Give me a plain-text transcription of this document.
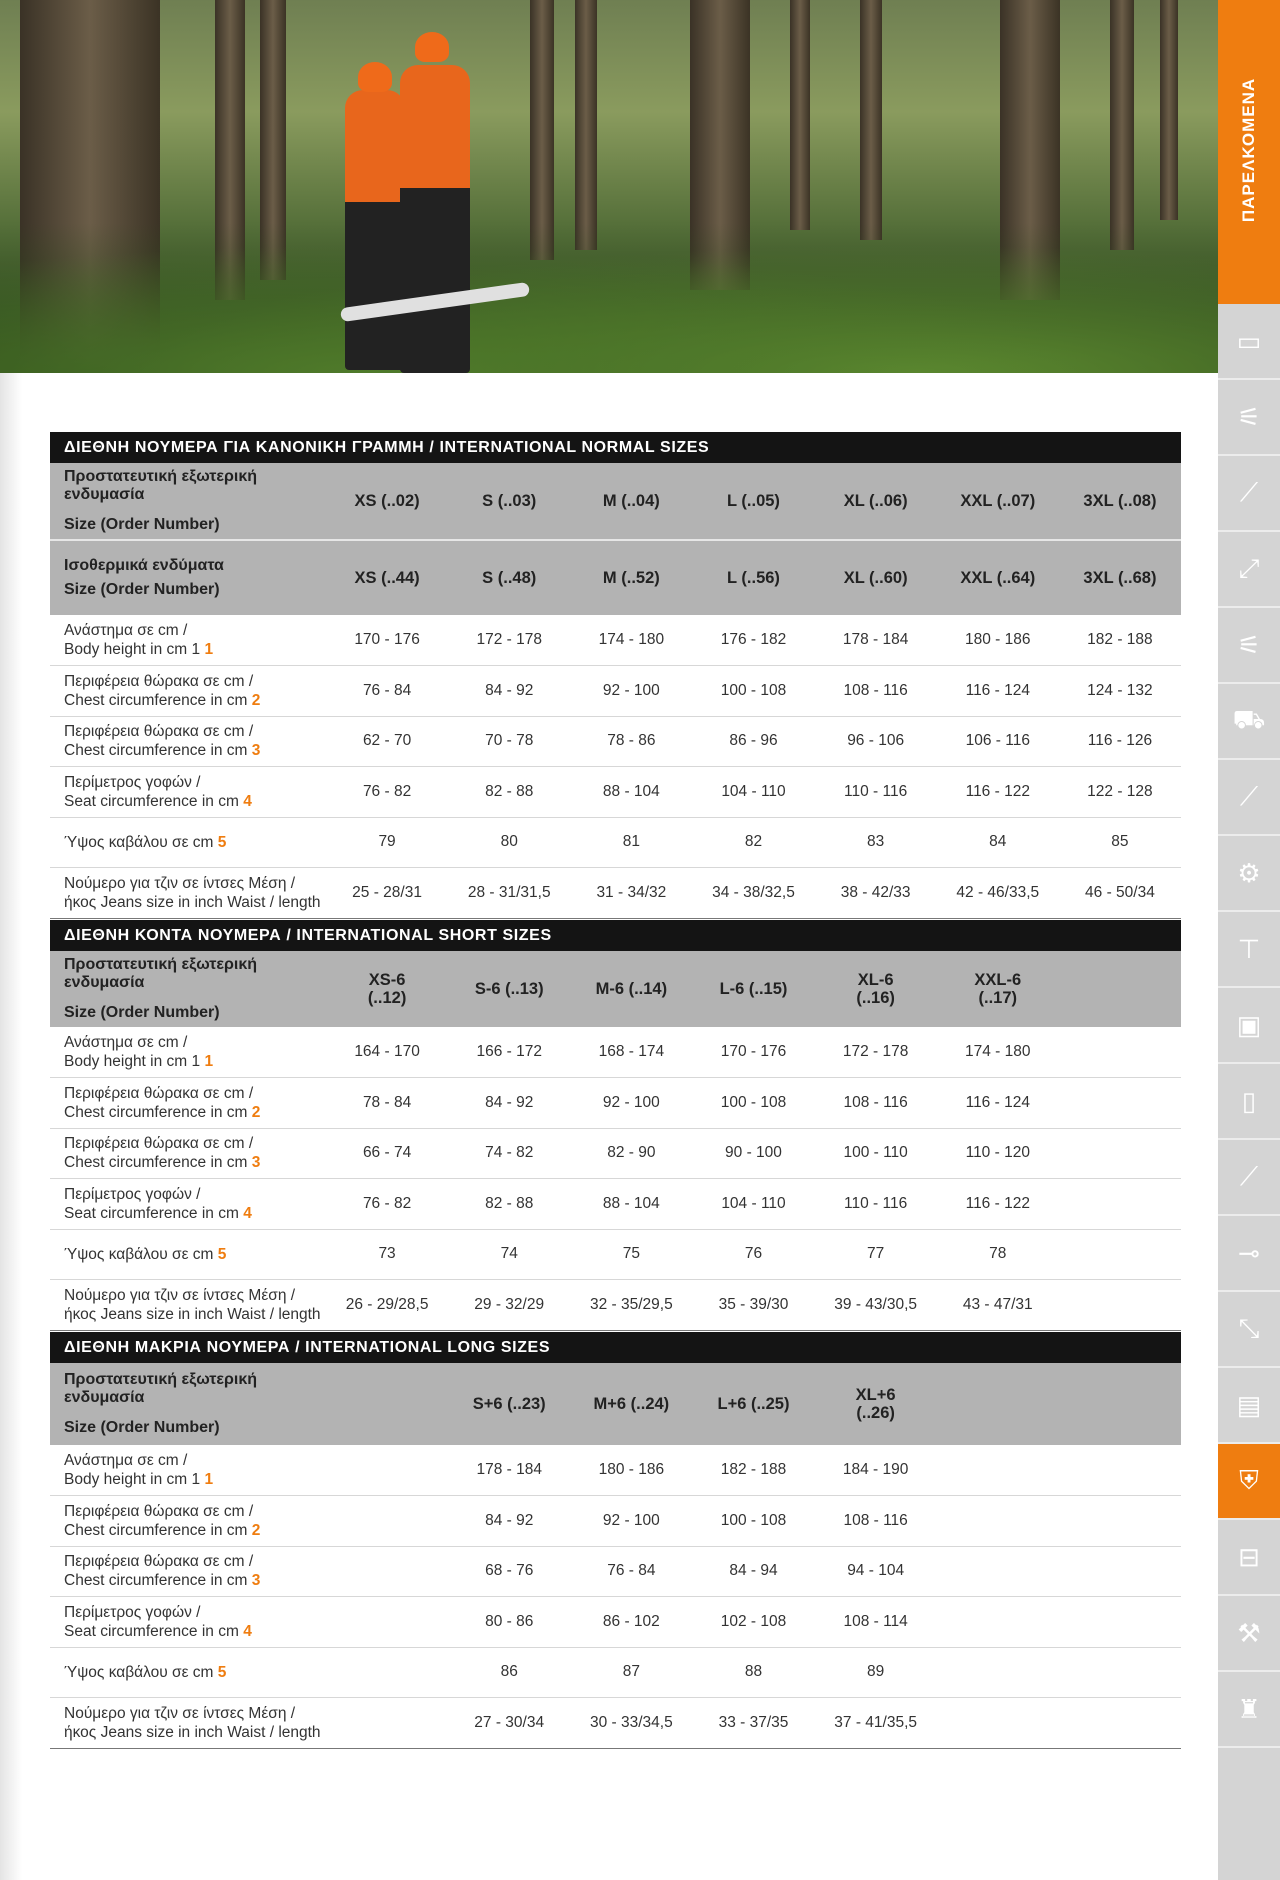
ΠΑΡΕΛΚΟΜΕΝΑ
▭
⚟
⟋
⤢
⚟
⛟
⟋
⚙
⊤
▣
▯
⟋
⊸
⤡
▤
⛨
⊟
⚒
♜
ΔΙΕΘΝΗ ΝΟΥΜΕΡΑ ΓΙΑ ΚΑΝΟΝΙΚΗ ΓΡΑΜΜΗ / INTERNATIONAL NORMAL SIZES
Προστατευτική εξωτερική ενδυμασία
Size (Order Number)	XS (..02)	S (..03)	M (..04)	L (..05)	XL (..06)	XXL (..07)	3XL (..08)

Ισοθερμικά ενδύματα
Size (Order Number)	XS (..44)	S (..48)	M (..52)	L (..56)	XL (..60)	XXL (..64)	3XL (..68)
Ανάστημα σε cm /
Body height in cm 1 1	170 - 176	172 - 178	174 - 180	176 - 182	178 - 184	180 - 186	182 - 188
Περιφέρεια θώρακα σε cm /
Chest circumference in cm 2	76 - 84	84 - 92	92 - 100	100 - 108	108 - 116	116 - 124	124 - 132
Περιφέρεια θώρακα σε cm /
Chest circumference in cm 3	62 - 70	70 - 78	78 - 86	86 - 96	96 - 106	106 - 116	116 - 126
Περίμετρος γοφών /
Seat circumference in cm 4	76 - 82	82 - 88	88 - 104	104 - 110	110 - 116	116 - 122	122 - 128
Ύψος καβάλου σε cm 5	79	80	81	82	83	84	85
Νούμερο για τζιν σε ίντσες Μέση /
ήκος Jeans size in inch Waist / length	25 - 28/31	28 - 31/31,5	31 - 34/32	34 - 38/32,5	38 - 42/33	42 - 46/33,5	46 - 50/34
ΔΙΕΘΝΗ ΚΟΝΤΑ ΝΟΥΜΕΡΑ / INTERNATIONAL SHORT SIZES
Προστατευτική εξωτερική ενδυμασία
Size (Order Number)	XS-6 (..12)	S-6 (..13)	M-6 (..14)	L-6 (..15)	XL-6 (..16)	XXL-6 (..17)	
Ανάστημα σε cm /
Body height in cm 1 1	164 - 170	166 - 172	168 - 174	170 - 176	172 - 178	174 - 180	
Περιφέρεια θώρακα σε cm /
Chest circumference in cm 2	78 - 84	84 - 92	92 - 100	100 - 108	108 - 116	116 - 124	
Περιφέρεια θώρακα σε cm /
Chest circumference in cm 3	66 - 74	74 - 82	82 - 90	90 - 100	100 - 110	110 - 120	
Περίμετρος γοφών /
Seat circumference in cm 4	76 - 82	82 - 88	88 - 104	104 - 110	110 - 116	116 - 122	
Ύψος καβάλου σε cm 5	73	74	75	76	77	78	
Νούμερο για τζιν σε ίντσες Μέση /
ήκος Jeans size in inch Waist / length	26 - 29/28,5	29 - 32/29	32 - 35/29,5	35 - 39/30	39 - 43/30,5	43 - 47/31	
ΔΙΕΘΝΗ ΜΑΚΡΙΑ ΝΟΥΜΕΡΑ / INTERNATIONAL LONG SIZES
Προστατευτική εξωτερική ενδυμασία
Size (Order Number)		S+6 (..23)	M+6 (..24)	L+6 (..25)	XL+6 (..26)		
Ανάστημα σε cm /
Body height in cm 1 1		178 - 184	180 - 186	182 - 188	184 - 190		
Περιφέρεια θώρακα σε cm /
Chest circumference in cm 2		84 - 92	92 - 100	100 - 108	108 - 116		
Περιφέρεια θώρακα σε cm /
Chest circumference in cm 3		68 - 76	76 - 84	84 - 94	94 - 104		
Περίμετρος γοφών /
Seat circumference in cm 4		80 - 86	86 - 102	102 - 108	108 - 114		
Ύψος καβάλου σε cm 5		86	87	88	89		
Νούμερο για τζιν σε ίντσες Μέση /
ήκος Jeans size in inch Waist / length		27 - 30/34	30 - 33/34,5	33 - 37/35	37 - 41/35,5		
